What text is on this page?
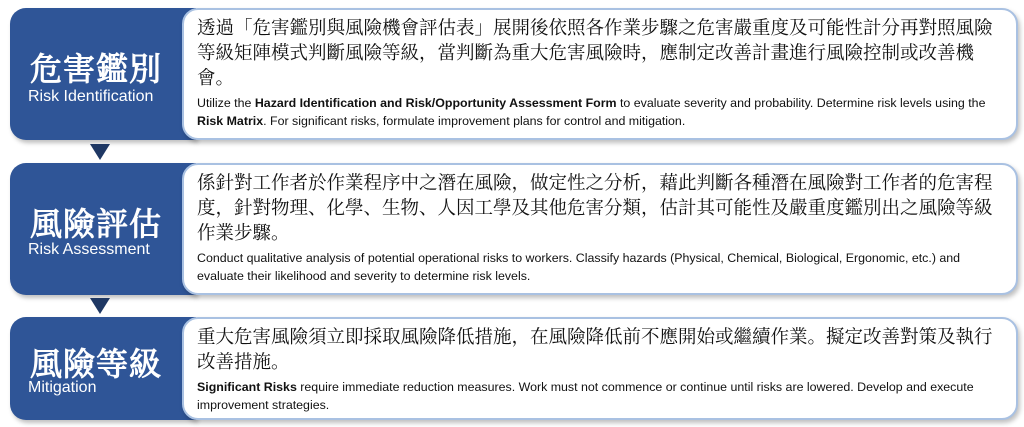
危害鑑別
Risk Identification
透過「危害鑑別與風險機會評估表」展開後依照各作業步驟之危害嚴重度及可能性計分再對照風險等級矩陣模式判斷風險等級，當判斷為重大危害風險時，應制定改善計畫進行風險控制或改善機會。
Utilize the Hazard Identification and Risk/Opportunity Assessment Form to evaluate severity and probability. Determine risk levels using the Risk Matrix. For significant risks, formulate improvement plans for control and mitigation.
風險評估
Risk Assessment
係針對工作者於作業程序中之潛在風險，做定性之分析，藉此判斷各種潛在風險對工作者的危害程度，針對物理、化學、生物、人因工學及其他危害分類，估計其可能性及嚴重度鑑別出之風險等級作業步驟。
Conduct qualitative analysis of potential operational risks to workers. Classify hazards (Physical, Chemical, Biological, Ergonomic, etc.) and evaluate their likelihood and severity to determine risk levels.
風險等級
Mitigation
重大危害風險須立即採取風險降低措施，在風險降低前不應開始或繼續作業。擬定改善對策及執行改善措施。
Significant Risks require immediate reduction measures. Work must not commence or continue until risks are lowered. Develop and execute improvement strategies.
